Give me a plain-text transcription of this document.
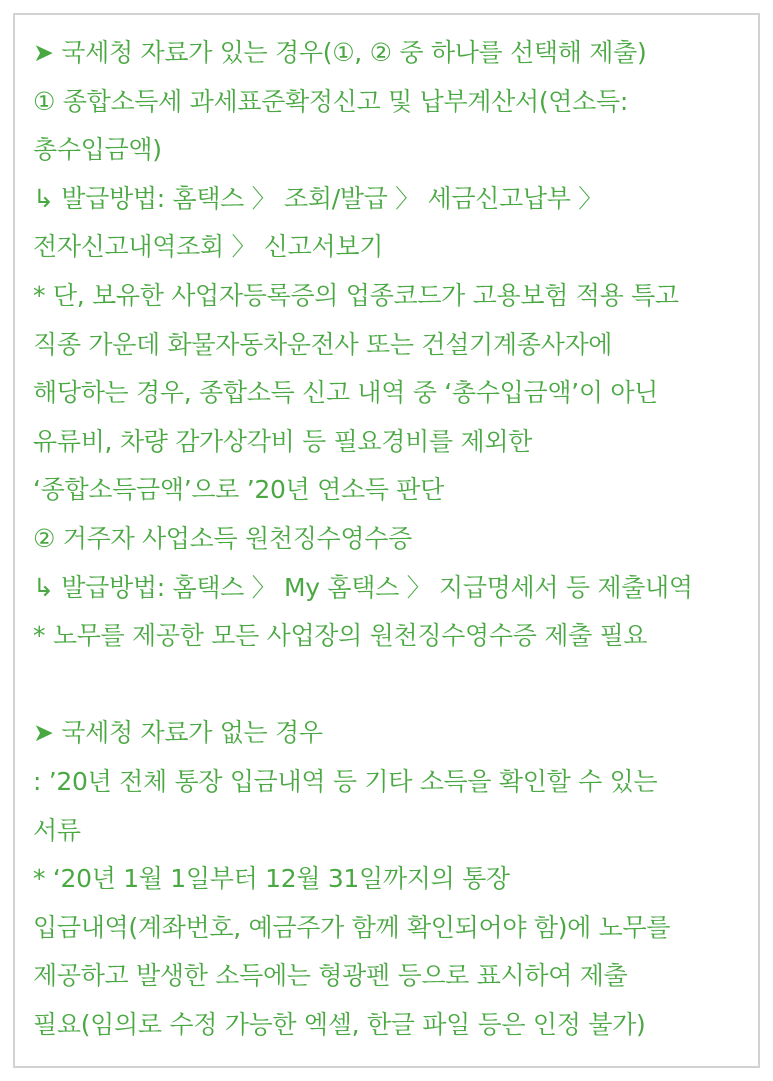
➤ 국세청 자료가 있는 경우(①, ② 중 하나를 선택해 제출)
① 종합소득세 과세표준확정신고 및 납부계산서(연소득:
총수입금액)
↳ 발급방법: 홈택스 〉 조회/발급 〉 세금신고납부 〉
전자신고내역조회 〉 신고서보기
* 단, 보유한 사업자등록증의 업종코드가 고용보험 적용 특고
직종 가운데 화물자동차운전사 또는 건설기계종사자에
해당하는 경우, 종합소득 신고 내역 중 ‘총수입금액’이 아닌
유류비, 차량 감가상각비 등 필요경비를 제외한
‘종합소득금액’으로 ’20년 연소득 판단
② 거주자 사업소득 원천징수영수증
↳ 발급방법: 홈택스 〉 My 홈택스 〉 지급명세서 등 제출내역
* 노무를 제공한 모든 사업장의 원천징수영수증 제출 필요
➤ 국세청 자료가 없는 경우
: ’20년 전체 통장 입금내역 등 기타 소득을 확인할 수 있는
서류
* ‘20년 1월 1일부터 12월 31일까지의 통장
입금내역(계좌번호, 예금주가 함께 확인되어야 함)에 노무를
제공하고 발생한 소득에는 형광펜 등으로 표시하여 제출
필요(임의로 수정 가능한 엑셀, 한글 파일 등은 인정 불가)
